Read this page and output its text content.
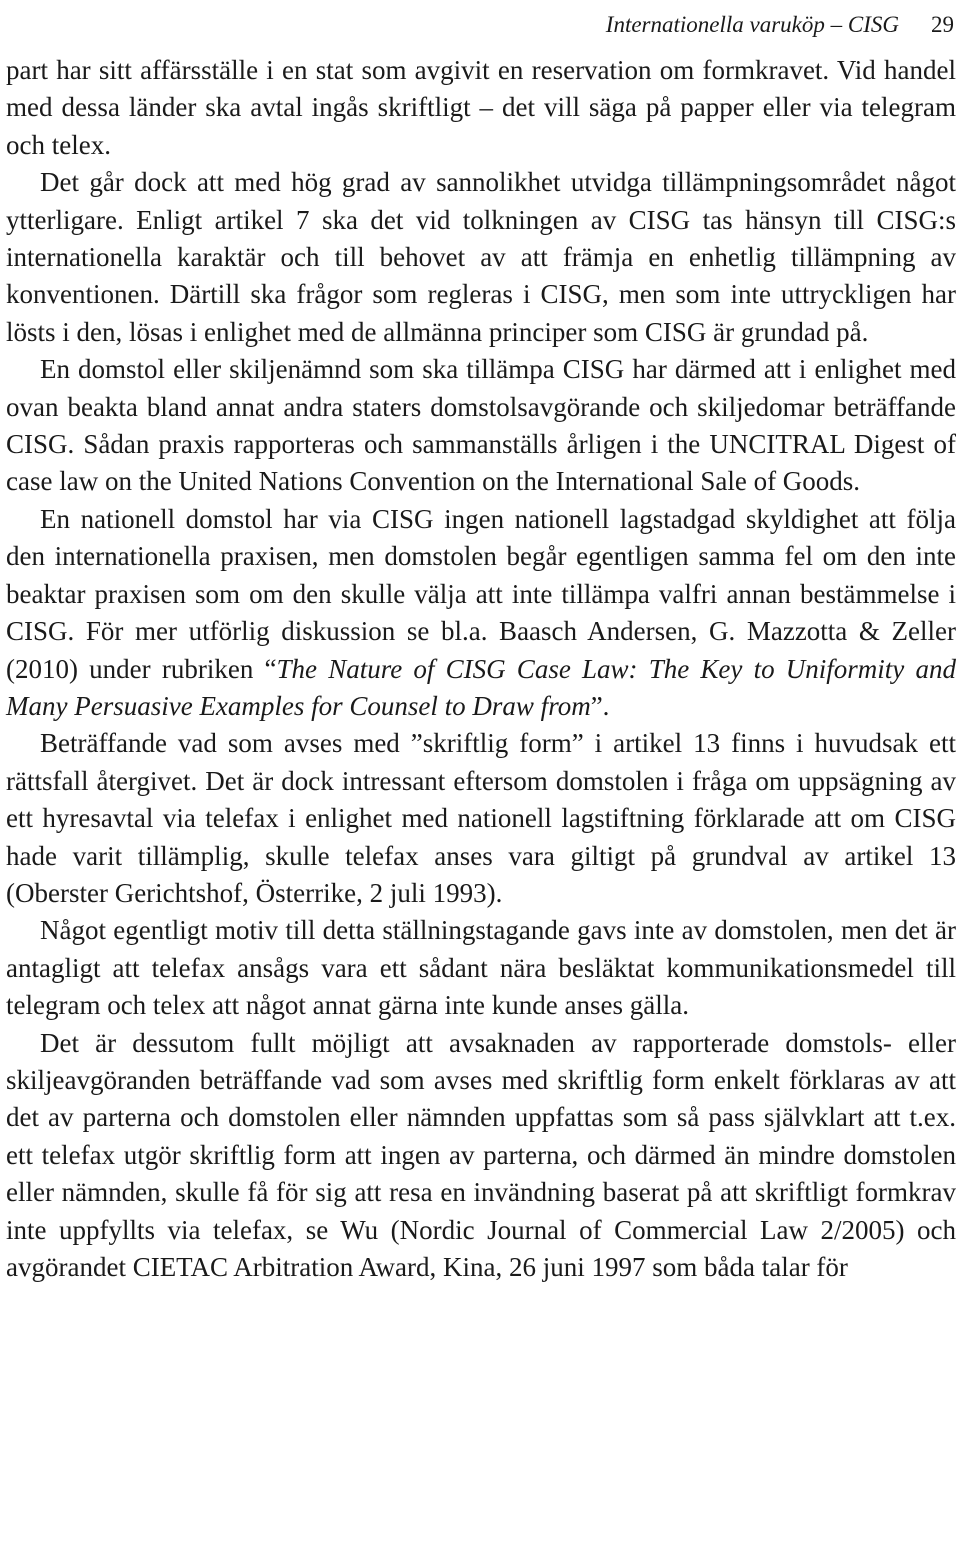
Internationella varuköp – CISG 29

part har sitt affärsställe i en stat som avgivit en reservation om formkravet. Vid handel med dessa länder ska avtal ingås skriftligt – det vill säga på papper eller via telegram och telex.

Det går dock att med hög grad av sannolikhet utvidga tillämpningsområdet något ytterligare. Enligt artikel 7 ska det vid tolkningen av CISG tas hänsyn till CISG:s internationella karaktär och till behovet av att främja en enhetlig tillämpning av konventionen. Därtill ska frågor som regleras i CISG, men som inte uttryckligen har lösts i den, lösas i enlighet med de allmänna principer som CISG är grundad på.

En domstol eller skiljenämnd som ska tillämpa CISG har därmed att i enlighet med ovan beakta bland annat andra staters domstolsavgörande och skiljedomar beträffande CISG. Sådan praxis rapporteras och sammanställs årligen i the UNCITRAL Digest of case law on the United Nations Convention on the International Sale of Goods.

En nationell domstol har via CISG ingen nationell lagstadgad skyldighet att följa den internationella praxisen, men domstolen begår egentligen samma fel om den inte beaktar praxisen som om den skulle välja att inte tillämpa valfri annan bestämmelse i CISG. För mer utförlig diskussion se bl.a. Baasch Andersen, G. Mazzotta & Zeller (2010) under rubriken “The Nature of CISG Case Law: The Key to Uniformity and Many Persuasive Examples for Counsel to Draw from”.

Beträffande vad som avses med ”skriftlig form” i artikel 13 finns i huvudsak ett rättsfall återgivet. Det är dock intressant eftersom domstolen i fråga om uppsägning av ett hyresavtal via telefax i enlighet med nationell lagstiftning förklarade att om CISG hade varit tillämplig, skulle telefax anses vara giltigt på grundval av artikel 13 (Oberster Gerichtshof, Österrike, 2 juli 1993).

Något egentligt motiv till detta ställningstagande gavs inte av domstolen, men det är antagligt att telefax ansågs vara ett sådant nära besläktat kommunikationsmedel till telegram och telex att något annat gärna inte kunde anses gälla.

Det är dessutom fullt möjligt att avsaknaden av rapporterade domstols- eller skiljeavgöranden beträffande vad som avses med skriftlig form enkelt förklaras av att det av parterna och domstolen eller nämnden uppfattas som så pass självklart att t.ex. ett telefax utgör skriftlig form att ingen av parterna, och därmed än mindre domstolen eller nämnden, skulle få för sig att resa en invändning baserat på att skriftligt formkrav inte uppfyllts via telefax, se Wu (Nordic Journal of Commercial Law 2/2005) och avgörandet CIETAC Arbitration Award, Kina, 26 juni 1997 som båda talar för
